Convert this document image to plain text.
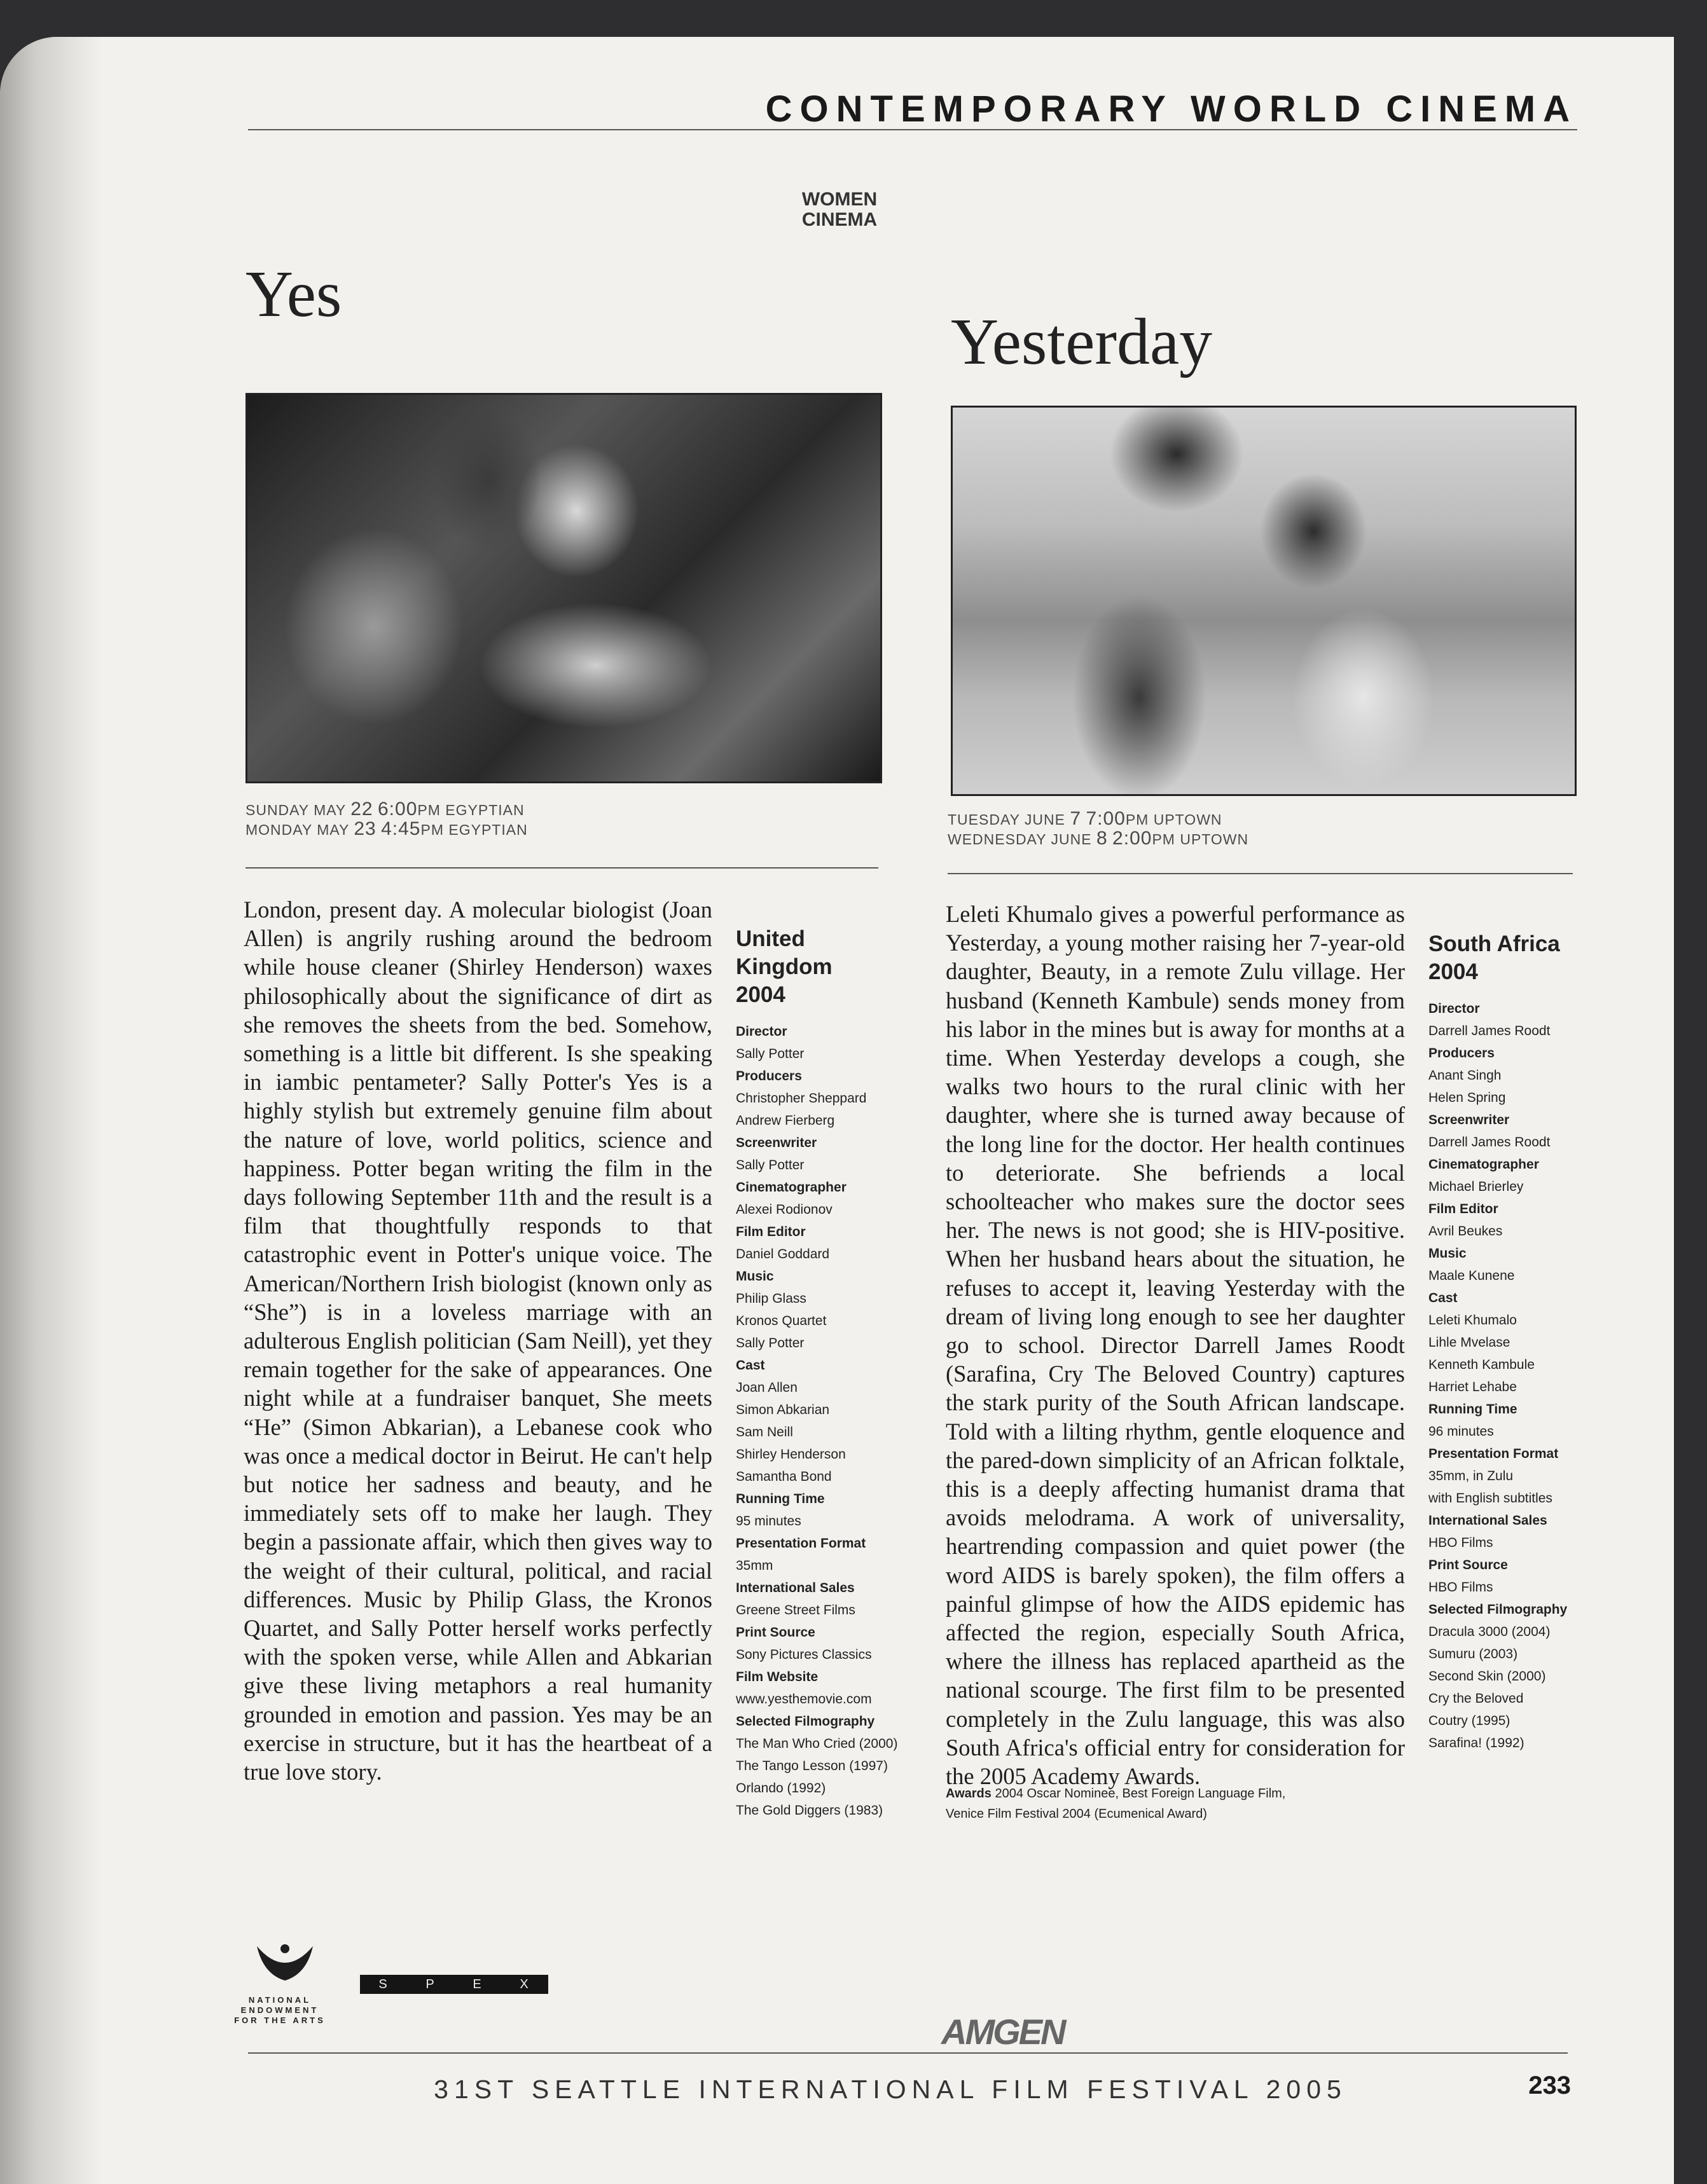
CONTEMPORARY WORLD CINEMA
WOMEN
CINEMA
Yes
SUNDAY MAY 22 6:00PM EGYPTIAN
MONDAY MAY 23 4:45PM EGYPTIAN

London, present day. A molecular biologist (Joan Allen) is angrily rushing around the bedroom while house cleaner (Shirley Henderson) waxes philosophically about the significance of dirt as she removes the sheets from the bed. Somehow, something is a little bit different. Is she speaking in iambic pentameter? Sally Potter's Yes is a highly stylish but extremely genuine film about the nature of love, world politics, science and happiness. Potter began writing the film in the days following September 11th and the result is a film that thoughtfully responds to that catastrophic event in Potter's unique voice. The American/Northern Irish biologist (known only as “She”) is in a loveless marriage with an adulterous English politician (Sam Neill), yet they remain together for the sake of appearances. One night while at a fundraiser banquet, She meets “He” (Simon Abkarian), a Lebanese cook who was once a medical doctor in Beirut. He can't help but notice her sadness and beauty, and he immediately sets off to make her laugh. They begin a passionate affair, which then gives way to the weight of their cultural, political, and racial differences. Music by Philip Glass, the Kronos Quartet, and Sally Potter herself works perfectly with the spoken verse, while Allen and Abkarian give these living metaphors a real humanity grounded in emotion and passion. Yes may be an exercise in structure, but it has the heartbeat of a true love story.

United Kingdom
2004
Director
Sally Potter
Producers
Christopher Sheppard
Andrew Fierberg
Screenwriter
Sally Potter
Cinematographer
Alexei Rodionov
Film Editor
Daniel Goddard
Music
Philip Glass
Kronos Quartet
Sally Potter
Cast
Joan Allen
Simon Abkarian
Sam Neill
Shirley Henderson
Samantha Bond
Running Time
95 minutes
Presentation Format
35mm
International Sales
Greene Street Films
Print Source
Sony Pictures Classics
Film Website
www.yesthemovie.com
Selected Filmography
The Man Who Cried (2000)
The Tango Lesson (1997)
Orlando (1992)
The Gold Diggers (1983)
Yesterday
TUESDAY JUNE 7 7:00PM UPTOWN
WEDNESDAY JUNE 8 2:00PM UPTOWN

Leleti Khumalo gives a powerful performance as Yesterday, a young mother raising her 7-year-old daughter, Beauty, in a remote Zulu village. Her husband (Kenneth Kambule) sends money from his labor in the mines but is away for months at a time. When Yesterday develops a cough, she walks two hours to the rural clinic with her daughter, where she is turned away because of the long line for the doctor. Her health continues to deteriorate. She befriends a local schoolteacher who makes sure the doctor sees her. The news is not good; she is HIV-positive. When her husband hears about the situation, he refuses to accept it, leaving Yesterday with the dream of living long enough to see her daughter go to school. Director Darrell James Roodt (Sarafina, Cry The Beloved Country) captures the stark purity of the South African landscape. Told with a lilting rhythm, gentle eloquence and the pared-down simplicity of an African folktale, this is a deeply affecting humanist drama that avoids melodrama. A work of universality, heartrending compassion and quiet power (the word AIDS is barely spoken), the film offers a painful glimpse of how the AIDS epidemic has affected the region, especially South Africa, where the illness has replaced apartheid as the national scourge. The first film to be presented completely in the Zulu language, this was also South Africa's official entry for consideration for the 2005 Academy Awards.

Awards 2004 Oscar Nominee, Best Foreign Language Film,
Venice Film Festival 2004 (Ecumenical Award)
South Africa
2004
Director
Darrell James Roodt
Producers
Anant Singh
Helen Spring
Screenwriter
Darrell James Roodt
Cinematographer
Michael Brierley
Film Editor
Avril Beukes
Music
Maale Kunene
Cast
Leleti Khumalo
Lihle Mvelase
Kenneth Kambule
Harriet Lehabe
Running Time
96 minutes
Presentation Format
35mm, in Zulu
with English subtitles
International Sales
HBO Films
Print Source
HBO Films
Selected Filmography
Dracula 3000 (2004)
Sumuru (2003)
Second Skin (2000)
Cry the Beloved
Coutry (1995)
Sarafina! (1992)
NATIONAL
ENDOWMENT
FOR THE ARTS
S	P	E	X
AMGEN
31ST SEATTLE INTERNATIONAL FILM FESTIVAL 2005	233
